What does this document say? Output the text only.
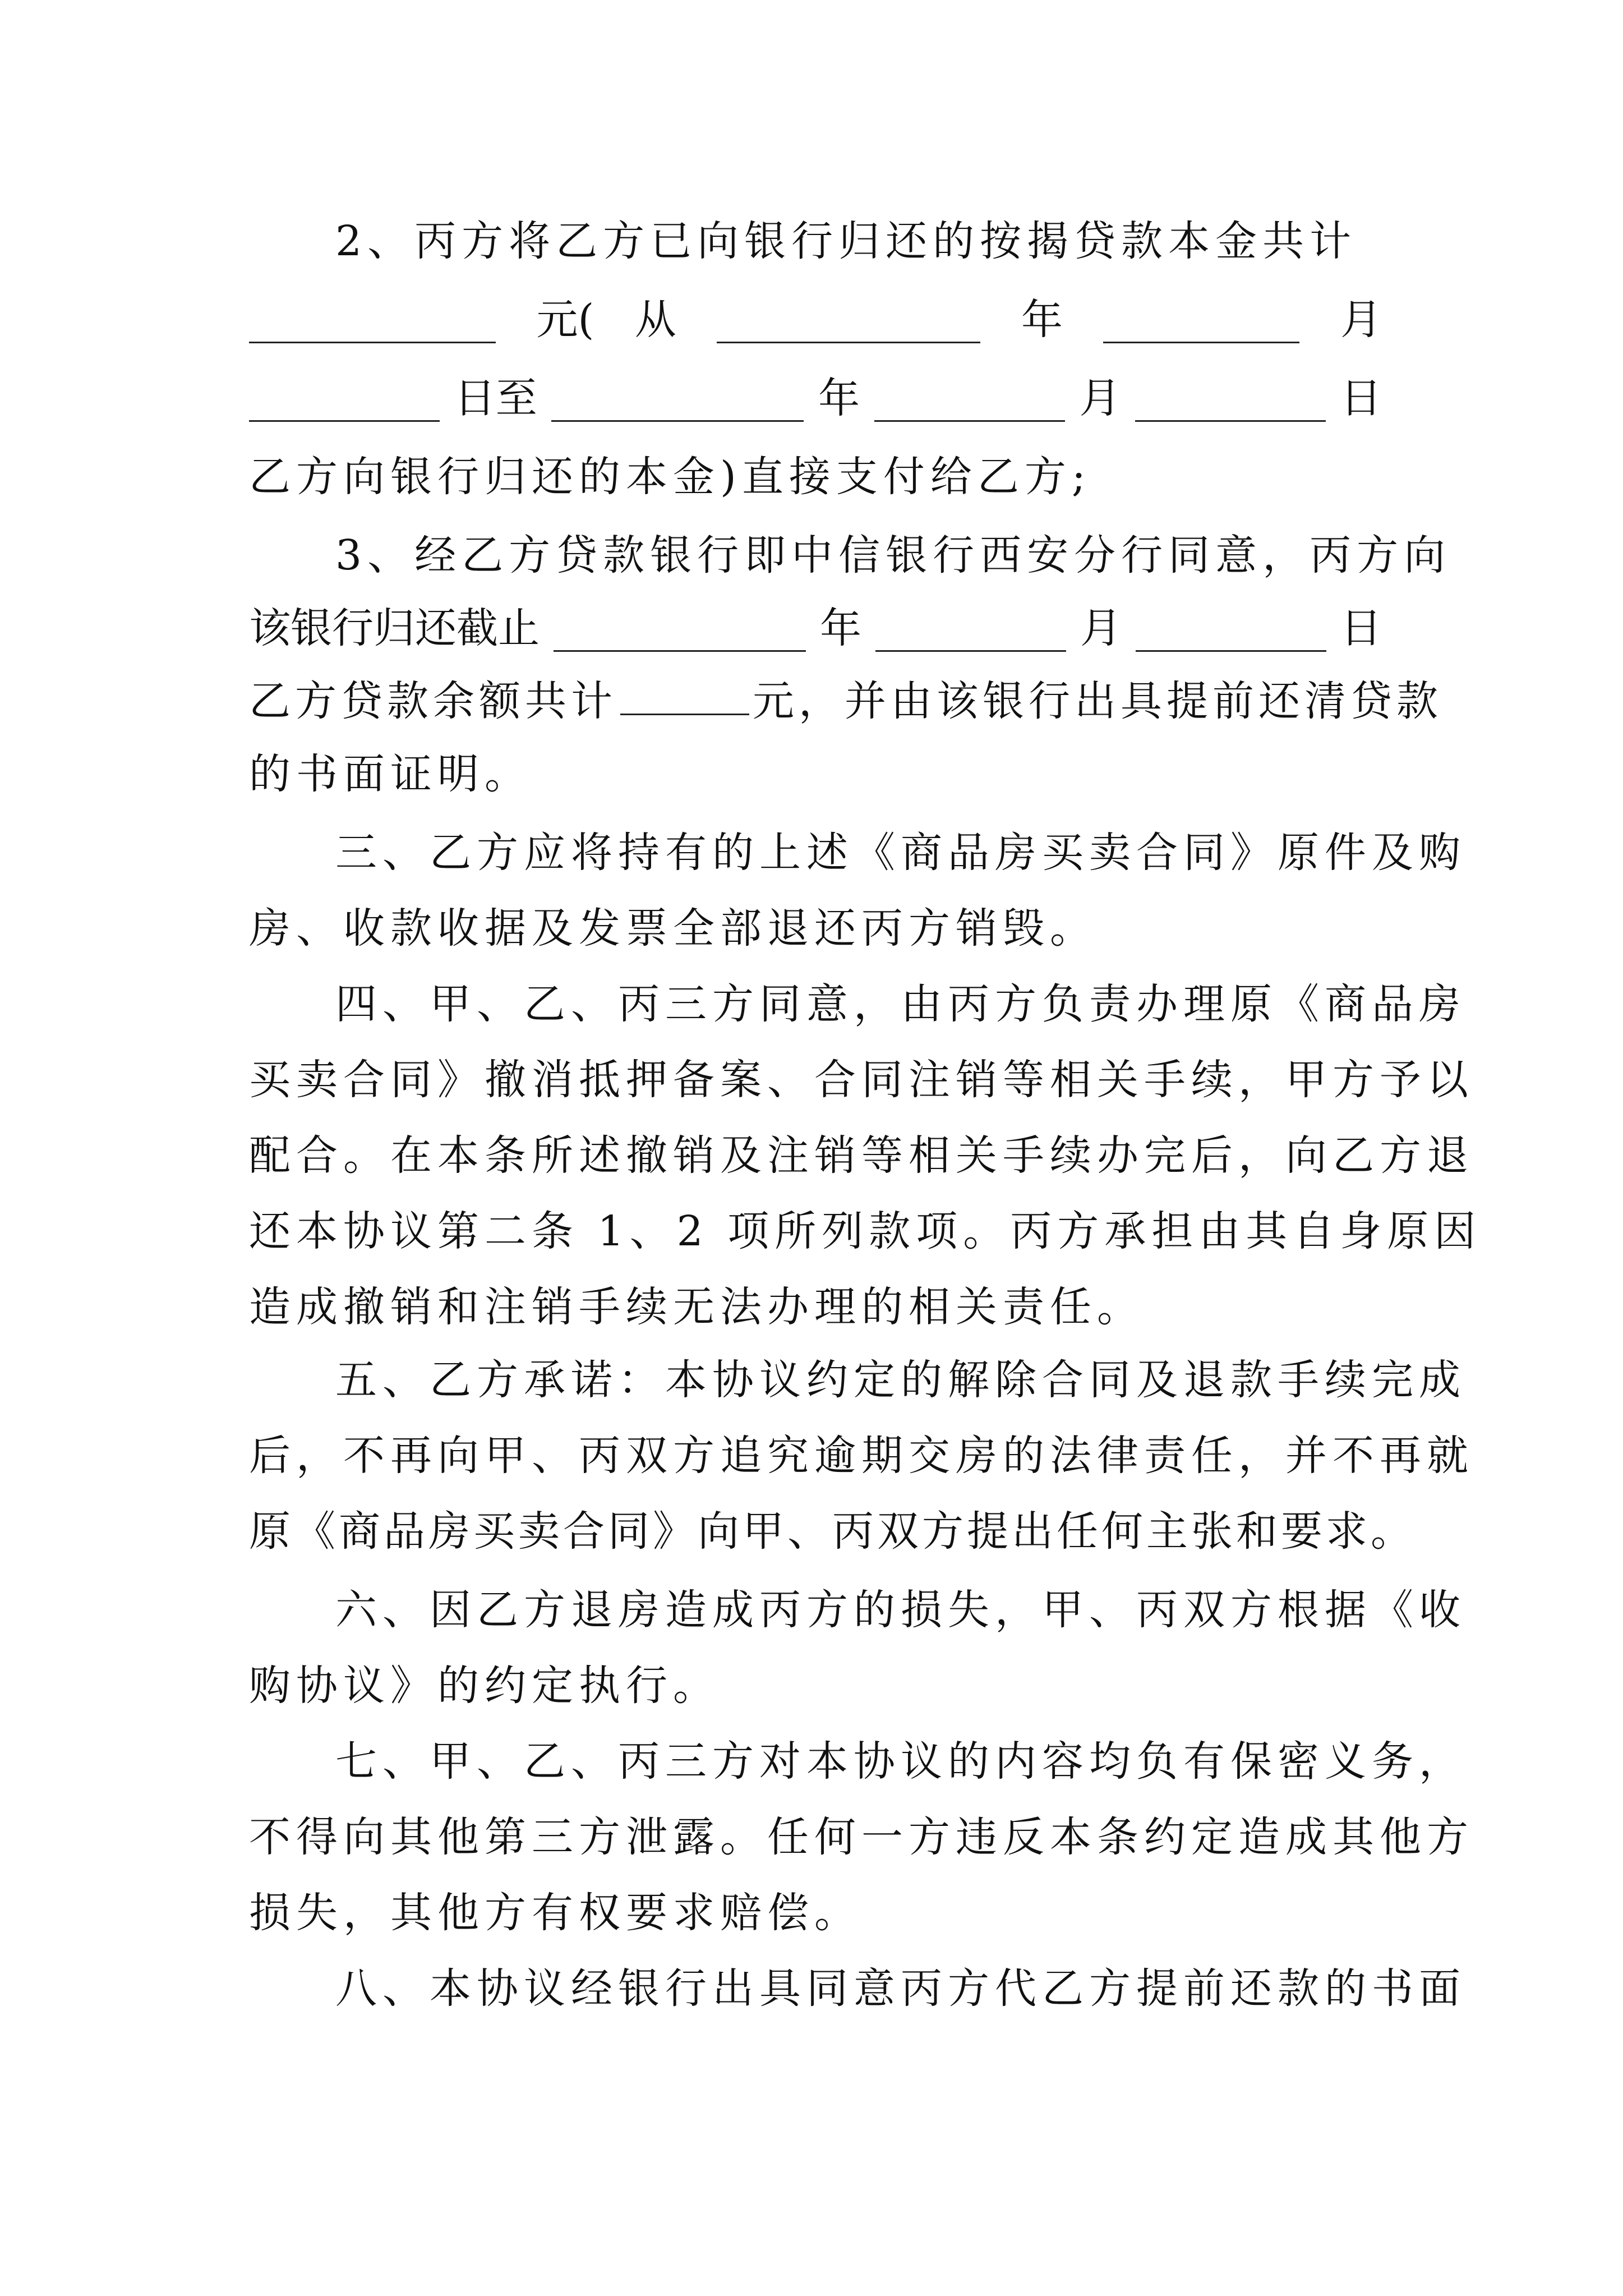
2、丙方将乙方已向银行归还的按揭贷款本金共计
元( 从	年	月
日至	年	月	日
乙方向银行归还的本金)直接支付给乙方;
3、经乙方贷款银行即中信银行西安分行同意，丙方向
该银行归还截止	年	月	日
乙方贷款余额共计	元，并由该银行出具提前还清贷款
的书面证明。
三、乙方应将持有的上述《商品房买卖合同》原件及购
房、收款收据及发票全部退还丙方销毁。
四、甲、乙、丙三方同意，由丙方负责办理原《商品房
买卖合同》撤消抵押备案、合同注销等相关手续，甲方予以
配合。在本条所述撤销及注销等相关手续办完后，向乙方退
还本协议第二条 1、2 项所列款项。丙方承担由其自身原因
造成撤销和注销手续无法办理的相关责任。
五、乙方承诺：本协议约定的解除合同及退款手续完成
后，不再向甲、丙双方追究逾期交房的法律责任，并不再就
原《商品房买卖合同》向甲、丙双方提出任何主张和要求。
六、因乙方退房造成丙方的损失，甲、丙双方根据《收
购协议》的约定执行。
七、甲、乙、丙三方对本协议的内容均负有保密义务，
不得向其他第三方泄露。任何一方违反本条约定造成其他方
损失，其他方有权要求赔偿。
八、本协议经银行出具同意丙方代乙方提前还款的书面
